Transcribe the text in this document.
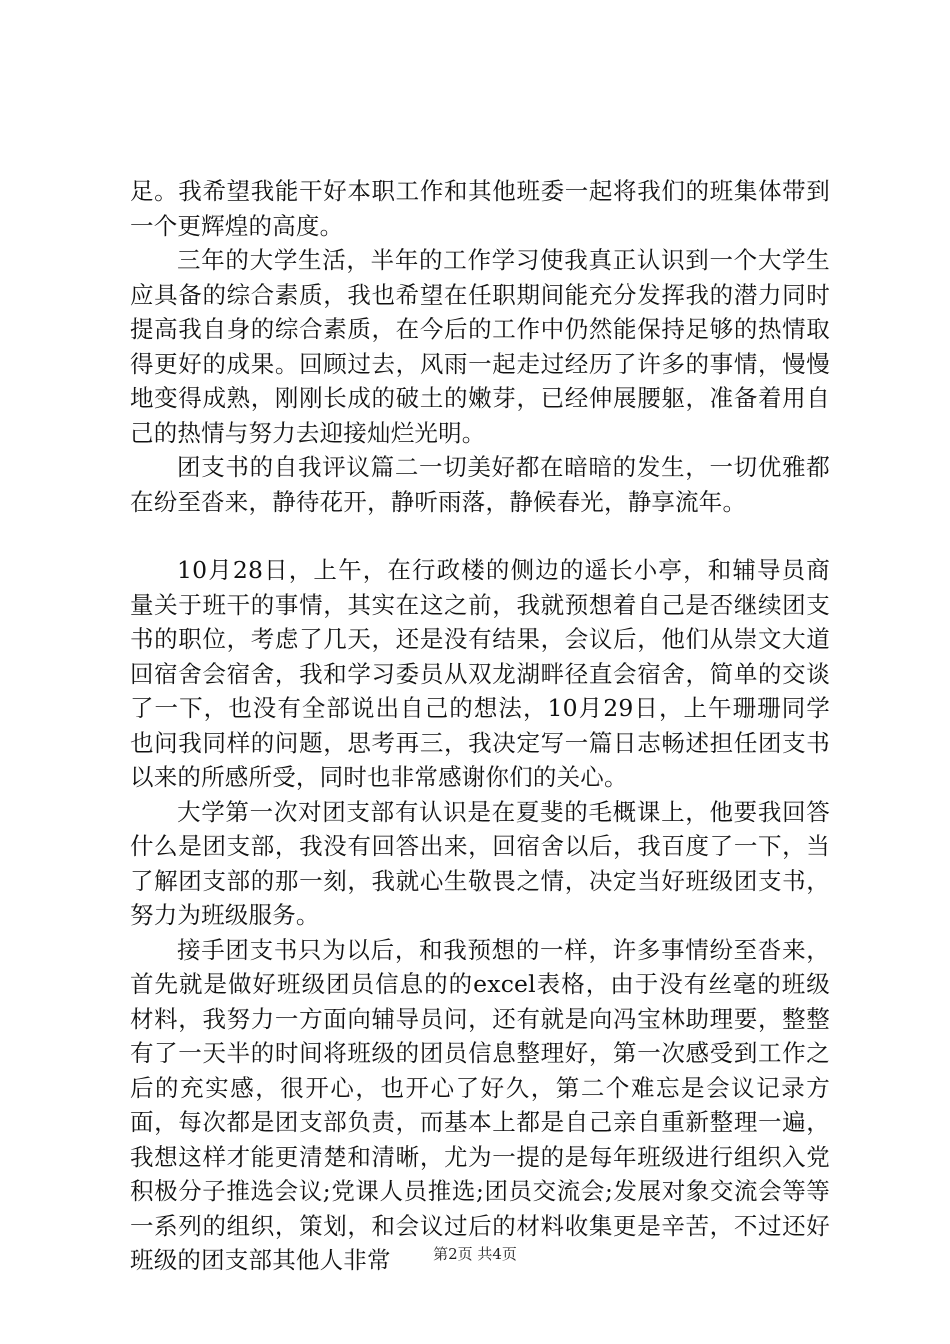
足。我希望我能干好本职工作和其他班委一起将我们的班集体带到一个更辉煌的高度。

三年的大学生活，半年的工作学习使我真正认识到一个大学生应具备的综合素质，我也希望在任职期间能充分发挥我的潜力同时提高我自身的综合素质，在今后的工作中仍然能保持足够的热情取得更好的成果。回顾过去，风雨一起走过经历了许多的事情，慢慢地变得成熟，刚刚长成的破土的嫩芽，已经伸展腰躯，准备着用自己的热情与努力去迎接灿烂光明。

团支书的自我评议篇二一切美好都在暗暗的发生，一切优雅都在纷至沓来，静待花开，静听雨落，静候春光，静享流年。

10月28日，上午，在行政楼的侧边的遥长小亭，和辅导员商量关于班干的事情，其实在这之前，我就预想着自己是否继续团支书的职位，考虑了几天，还是没有结果，会议后，他们从崇文大道回宿舍会宿舍，我和学习委员从双龙湖畔径直会宿舍，简单的交谈了一下，也没有全部说出自己的想法，10月29日，上午珊珊同学也问我同样的问题，思考再三，我决定写一篇日志畅述担任团支书以来的所感所受，同时也非常感谢你们的关心。

大学第一次对团支部有认识是在夏斐的毛概课上，他要我回答什么是团支部，我没有回答出来，回宿舍以后，我百度了一下，当了解团支部的那一刻，我就心生敬畏之情，决定当好班级团支书，努力为班级服务。

接手团支书只为以后，和我预想的一样，许多事情纷至沓来，首先就是做好班级团员信息的的excel表格，由于没有丝毫的班级材料，我努力一方面向辅导员问，还有就是向冯宝林助理要，整整有了一天半的时间将班级的团员信息整理好，第一次感受到工作之后的充实感，很开心，也开心了好久，第二个难忘是会议记录方面，每次都是团支部负责，而基本上都是自己亲自重新整理一遍，我想这样才能更清楚和清晰，尤为一提的是每年班级进行组织入党积极分子推选会议;党课人员推选;团员交流会;发展对象交流会等等一系列的组织，策划，和会议过后的材料收集更是辛苦，不过还好班级的团支部其他人非常	第2页 共4页
